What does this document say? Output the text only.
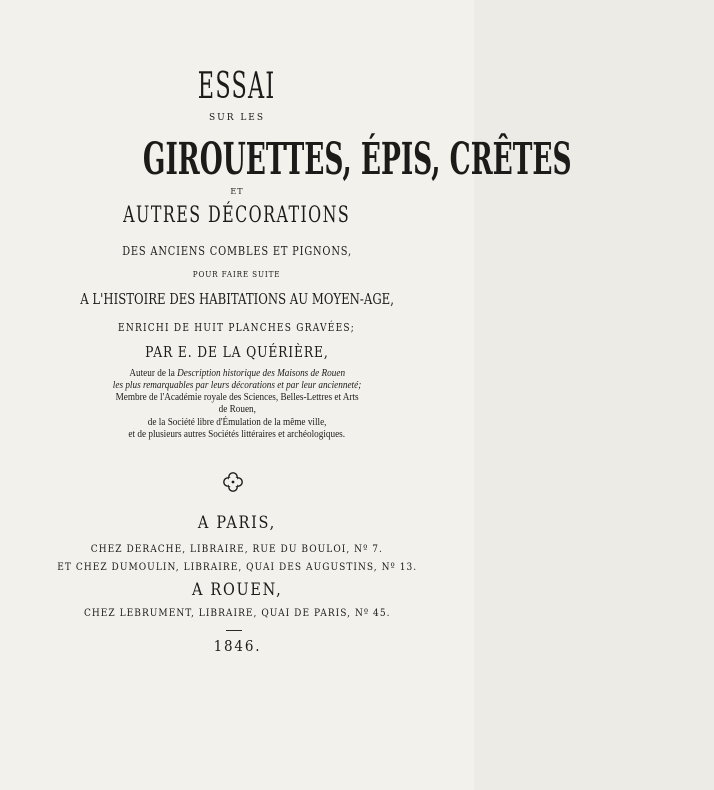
ESSAI
SUR LES
GIROUETTES, ÉPIS, CRÊTES
ET
AUTRES DÉCORATIONS
DES ANCIENS COMBLES ET PIGNONS,
POUR FAIRE SUITE
A L'HISTOIRE DES HABITATIONS AU MOYEN-AGE,
ENRICHI DE HUIT PLANCHES GRAVÉES;
PAR E. DE LA QUÉRIÈRE,
Auteur de la Description historique des Maisons de Rouen
les plus remarquables par leurs décorations et par leur ancienneté;
Membre de l'Académie royale des Sciences, Belles-Lettres et Arts
de Rouen,
de la Société libre d'Émulation de la même ville,
et de plusieurs autres Sociétés littéraires et archéologiques.
A PARIS,
CHEZ DERACHE, LIBRAIRE, RUE DU BOULOI, Nº 7.
ET CHEZ DUMOULIN, LIBRAIRE, QUAI DES AUGUSTINS, Nº 13.
A ROUEN,
CHEZ LEBRUMENT, LIBRAIRE, QUAI DE PARIS, Nº 45.
1846.
